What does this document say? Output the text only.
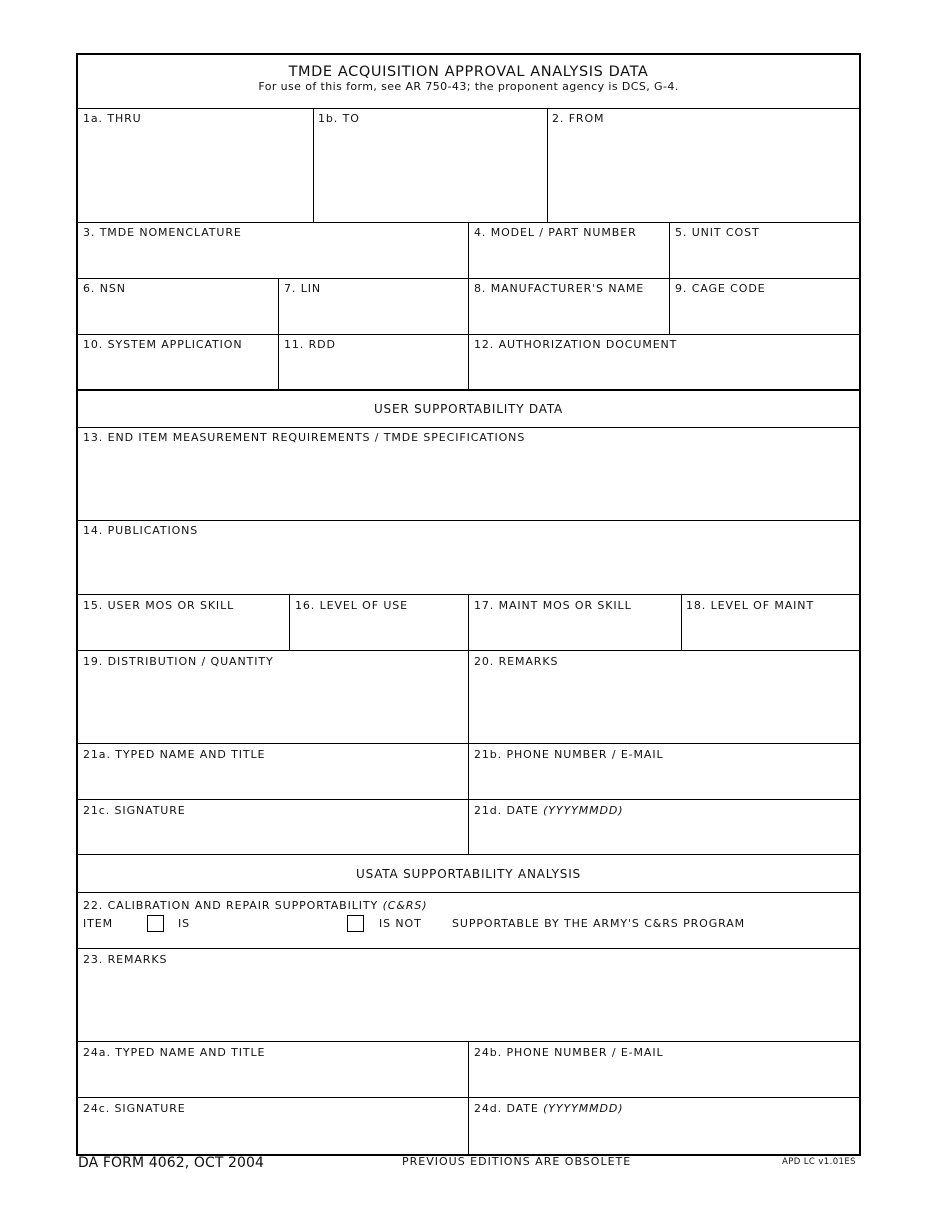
TMDE ACQUISITION APPROVAL ANALYSIS DATA
For use of this form, see AR 750-43; the proponent agency is DCS, G-4.
1a. THRU	1b. TO	2. FROM
3. TMDE NOMENCLATURE	4. MODEL / PART NUMBER	5. UNIT COST
6. NSN	7. LIN	8. MANUFACTURER'S NAME	9. CAGE CODE
10. SYSTEM APPLICATION	11. RDD	12. AUTHORIZATION DOCUMENT
USER SUPPORTABILITY DATA
13. END ITEM MEASUREMENT REQUIREMENTS / TMDE SPECIFICATIONS
14. PUBLICATIONS
15. USER MOS OR SKILL	16. LEVEL OF USE	17. MAINT MOS OR SKILL	18. LEVEL OF MAINT
19. DISTRIBUTION / QUANTITY	20. REMARKS
21a. TYPED NAME AND TITLE	21b. PHONE NUMBER / E-MAIL
21c. SIGNATURE	21d. DATE (YYYYMMDD)
USATA SUPPORTABILITY ANALYSIS
22. CALIBRATION AND REPAIR SUPPORTABILITY (C&RS)
ITEM	IS	IS NOT	SUPPORTABLE BY THE ARMY'S C&RS PROGRAM
23. REMARKS
24a. TYPED NAME AND TITLE	24b. PHONE NUMBER / E-MAIL
24c. SIGNATURE	24d. DATE (YYYYMMDD)
DA FORM 4062, OCT 2004	PREVIOUS EDITIONS ARE OBSOLETE	APD LC v1.01ES
